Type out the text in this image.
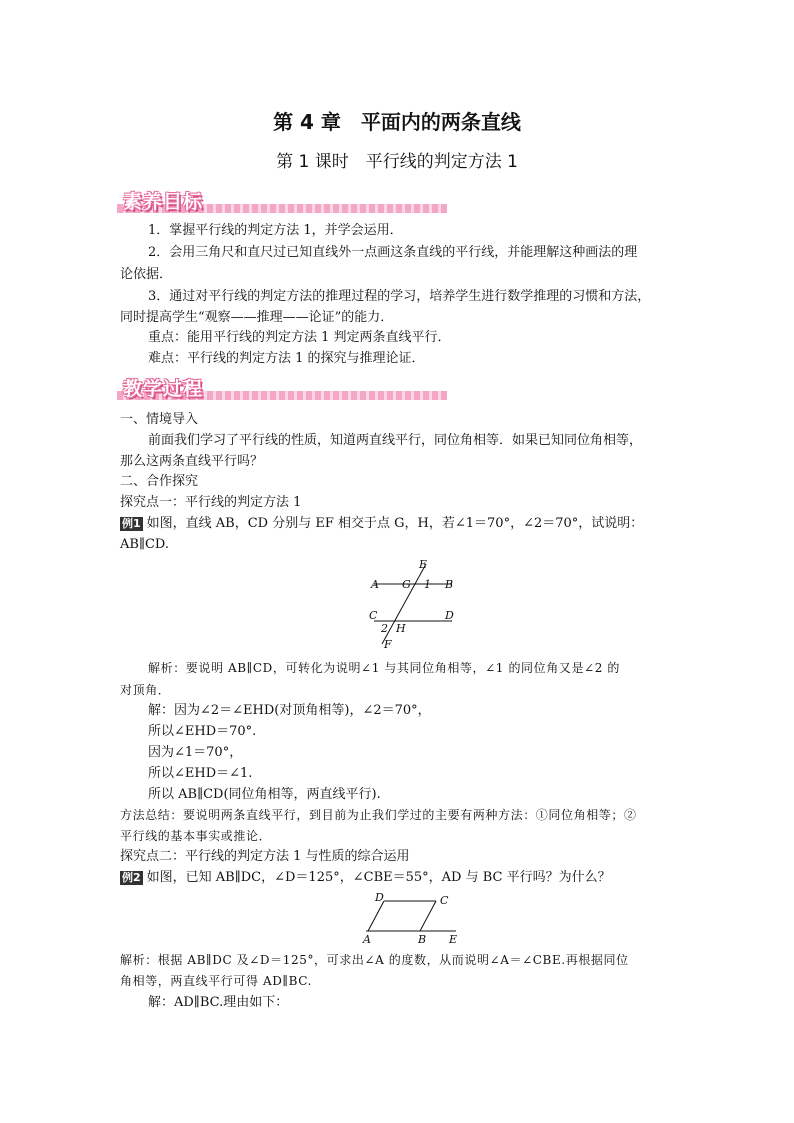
第 4 章　平面内的两条直线
第 1 课时　平行线的判定方法 1
素养目标
1．掌握平行线的判定方法 1，并学会运用．
2．会用三角尺和直尺过已知直线外一点画这条直线的平行线，并能理解这种画法的理
论依据．
3．通过对平行线的判定方法的推理过程的学习，培养学生进行数学推理的习惯和方法，
同时提高学生“观察——推理——论证”的能力．
重点：能用平行线的判定方法 1 判定两条直线平行．
难点：平行线的判定方法 1 的探究与推理论证．
教学过程
一、情境导入
前面我们学习了平行线的性质，知道两直线平行，同位角相等．如果已知同位角相等，
那么这两条直线平行吗？
二、合作探究
探究点一：平行线的判定方法 1
例1 如图，直线 AB，CD 分别与 EF 相交于点 G，H，若∠1＝70°，∠2＝70°，试说明：
AB∥CD.
A	B
C	D
E
F
G
H
1
2
解析：要说明 AB∥CD，可转化为说明∠1 与其同位角相等，∠1 的同位角又是∠2 的
对顶角．
解：因为∠2＝∠EHD(对顶角相等)，∠2＝70°，
所以∠EHD＝70°.
因为∠1＝70°，
所以∠EHD＝∠1.
所以 AB∥CD(同位角相等，两直线平行).
方法总结：要说明两条直线平行，到目前为止我们学过的主要有两种方法：①同位角相等；②
平行线的基本事实或推论．
探究点二：平行线的判定方法 1 与性质的综合运用
例2 如图，已知 AB∥DC，∠D＝125°，∠CBE＝55°，AD 与 BC 平行吗？为什么？
D	C
A	B E
解析：根据 AB∥DC 及∠D＝125°，可求出∠A 的度数，从而说明∠A＝∠CBE.再根据同位
角相等，两直线平行可得 AD∥BC.
解：AD∥BC.理由如下：
